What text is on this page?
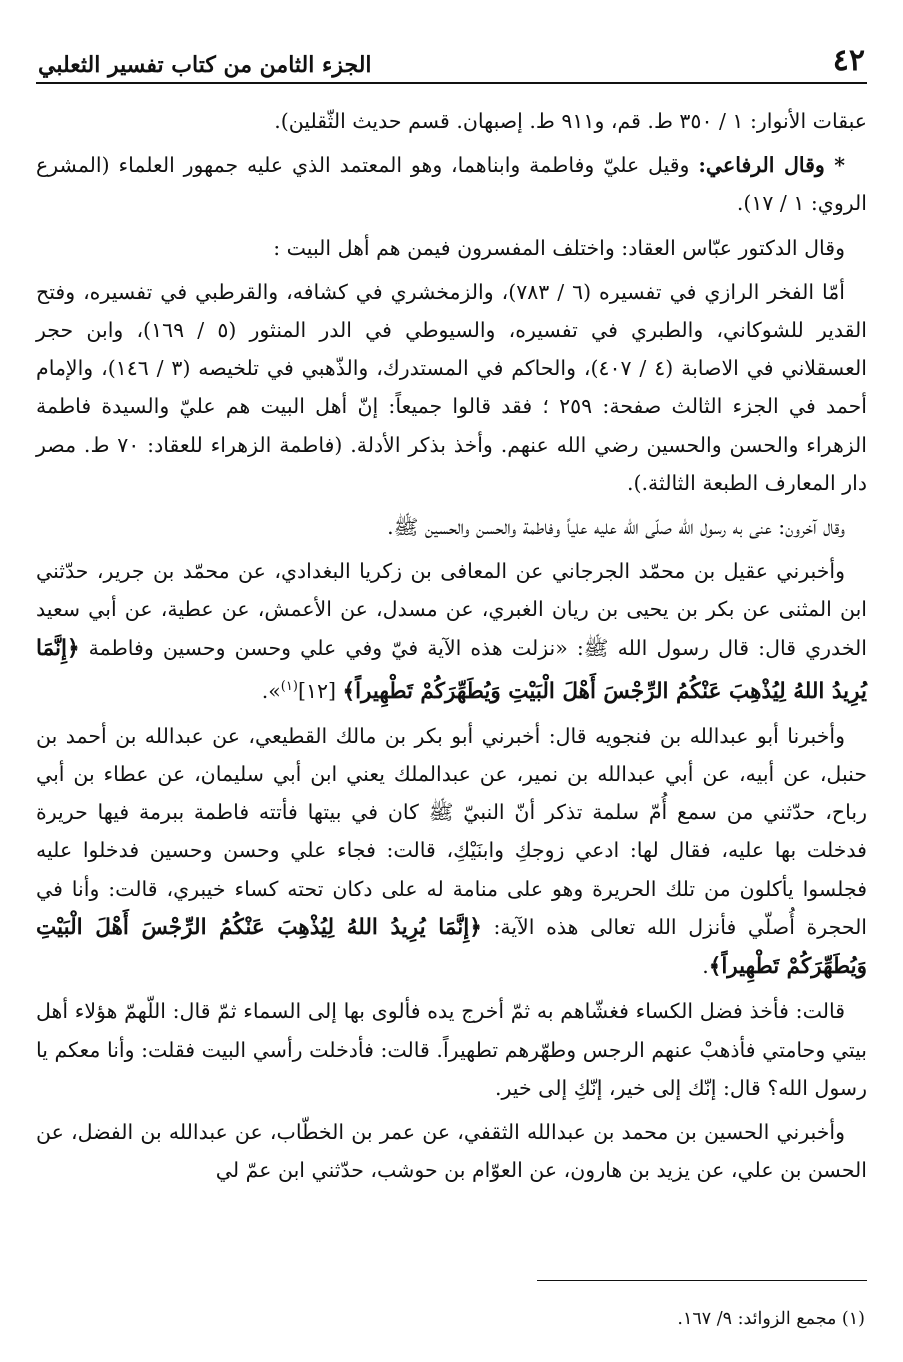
٤٢
الجزء الثامن من كتاب تفسير الثعلبي

عبقات الأنوار: ١ / ٣٥٠ ط. قم، و٩١١ ط. إصبهان. قسم حديث الثّقلين).

* وقال الرفاعي: وقيل عليّ وفاطمة وابناهما، وهو المعتمد الذي عليه جمهور العلماء (المشرع الروي: ١ / ١٧).

وقال الدكتور عبّاس العقاد: واختلف المفسرون فيمن هم أهل البيت :

أمّا الفخر الرازي في تفسيره (٦ / ٧٨٣)، والزمخشري في كشافه، والقرطبي في تفسيره، وفتح القدير للشوكاني، والطبري في تفسيره، والسيوطي في الدر المنثور (٥ / ١٦٩)، وابن حجر العسقلاني في الاصابة (٤ / ٤٠٧)، والحاكم في المستدرك، والذّهبي في تلخيصه (٣ / ١٤٦)، والإمام أحمد في الجزء الثالث صفحة: ٢٥٩ ؛ فقد قالوا جميعاً: إنّ أهل البيت هم عليّ والسيدة فاطمة الزهراء والحسن والحسين رضي الله عنهم. وأخذ بذكر الأدلة. (فاطمة الزهراء للعقاد: ٧٠ ط. مصر دار المعارف الطبعة الثالثة.).

وقال آخرون: عنى به رسول الله صلّى الله عليه علياً وفاطمة والحسن والحسين ﷺ.

وأخبرني عقيل بن محمّد الجرجاني عن المعافى بن زكريا البغدادي، عن محمّد بن جرير، حدّثني ابن المثنى عن بكر بن يحيى بن ريان الغبري، عن مسدل، عن الأعمش، عن عطية، عن أبي سعيد الخدري قال: قال رسول الله ﷺ: «نزلت هذه الآية فيّ وفي علي وحسن وحسين وفاطمة ﴿إِنَّمَا يُرِيدُ اللهُ لِيُذْهِبَ عَنْكُمُ الرِّجْسَ أَهْلَ الْبَيْتِ وَيُطَهِّرَكُمْ تَطْهِيراً﴾ [١٢]$^{(١)}$».

وأخبرنا أبو عبدالله بن فنجويه قال: أخبرني أبو بكر بن مالك القطيعي، عن عبدالله بن أحمد بن حنبل، عن أبيه، عن أبي عبدالله بن نمير، عن عبدالملك يعني ابن أبي سليمان، عن عطاء بن أبي رباح، حدّثني من سمع أُمّ سلمة تذكر أنّ النبيّ ﷺ كان في بيتها فأتته فاطمة ببرمة فيها حريرة فدخلت بها عليه، فقال لها: ادعي زوجكِ وابنَيْكِ، قالت: فجاء علي وحسن وحسين فدخلوا عليه فجلسوا يأكلون من تلك الحريرة وهو على منامة له على دكان تحته كساء خيبري، قالت: وأنا في الحجرة أُصلّي فأنزل الله تعالى هذه الآية: ﴿إِنَّمَا يُرِيدُ اللهُ لِيُذْهِبَ عَنْكُمُ الرِّجْسَ أَهْلَ الْبَيْتِ وَيُطَهِّرَكُمْ تَطْهِيراً﴾.

قالت: فأخذ فضل الكساء فغشّاهم به ثمّ أخرج يده فألوى بها إلى السماء ثمّ قال: اللّهمّ هؤلاء أهل بيتي وحامتي فأذهبْ عنهم الرجس وطهّرهم تطهيراً. قالت: فأدخلت رأسي البيت فقلت: وأنا معكم يا رسول الله؟ قال: إنّك إلى خير، إنّكِ إلى خير.

وأخبرني الحسين بن محمد بن عبدالله الثقفي، عن عمر بن الخطّاب، عن عبدالله بن الفضل، عن الحسن بن علي، عن يزيد بن هارون، عن العوّام بن حوشب، حدّثني ابن عمّ لي

(١) مجمع الزوائد: ٩/ ١٦٧.
